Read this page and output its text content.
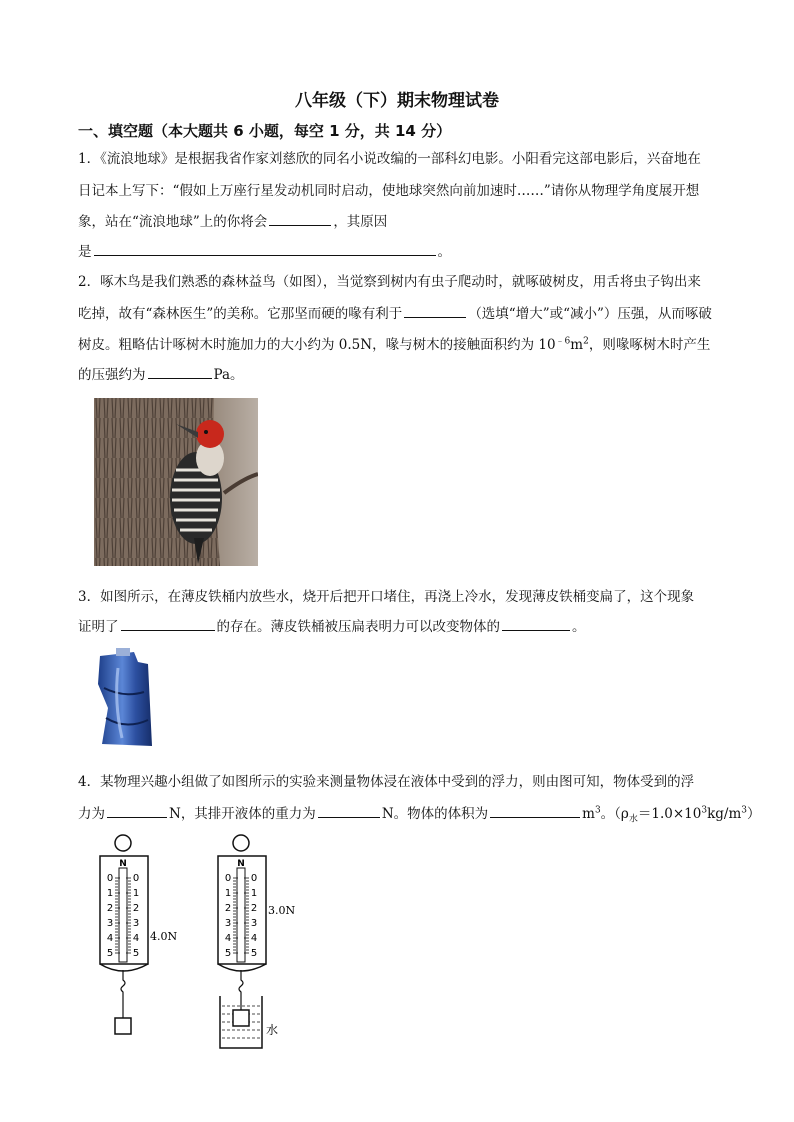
八年级（下）期末物理试卷
一、填空题（本大题共 6 小题，每空 1 分，共 14 分）
1．《流浪地球》是根据我省作家刘慈欣的同名小说改编的一部科幻电影。小阳看完这部电影后，兴奋地在
日记本上写下：“假如上万座行星发动机同时启动，使地球突然向前加速时……”请你从物理学角度展开想
象，站在“流浪地球”上的你将会	，其原因
是	。
2．啄木鸟是我们熟悉的森林益鸟（如图），当觉察到树内有虫子爬动时，就啄破树皮，用舌将虫子钩出来
吃掉，故有“森林医生”的美称。它那坚而硬的喙有利于	（选填“增大”或“减小”）压强，从而啄破
树皮。粗略估计啄树木时施加力的大小约为 0.5N，喙与树木的接触面积约为 $10^{﹣6}m^2$，则喙啄树木时产生
的压强约为	Pa。
3．如图所示，在薄皮铁桶内放些水，烧开后把开口堵住，再浇上冷水，发现薄皮铁桶变扁了，这个现象
证明了	的存在。薄皮铁桶被压扁表明力可以改变物体的	。
4．某物理兴趣小组做了如图所示的实验来测量物体浸在液体中受到的浮力，则由图可知，物体受到的浮
力为	N，其排开液体的重力为	N。物体的体积为	$m^3$。$(\rho_水=1.0\times 10^3kg/m^3)$
N
0 0
1 1
2 2
3 3
4 4
5 5
4.0N
N
0 0
1 1
2 2
3 3
4 4
5 5
3.0N
水
